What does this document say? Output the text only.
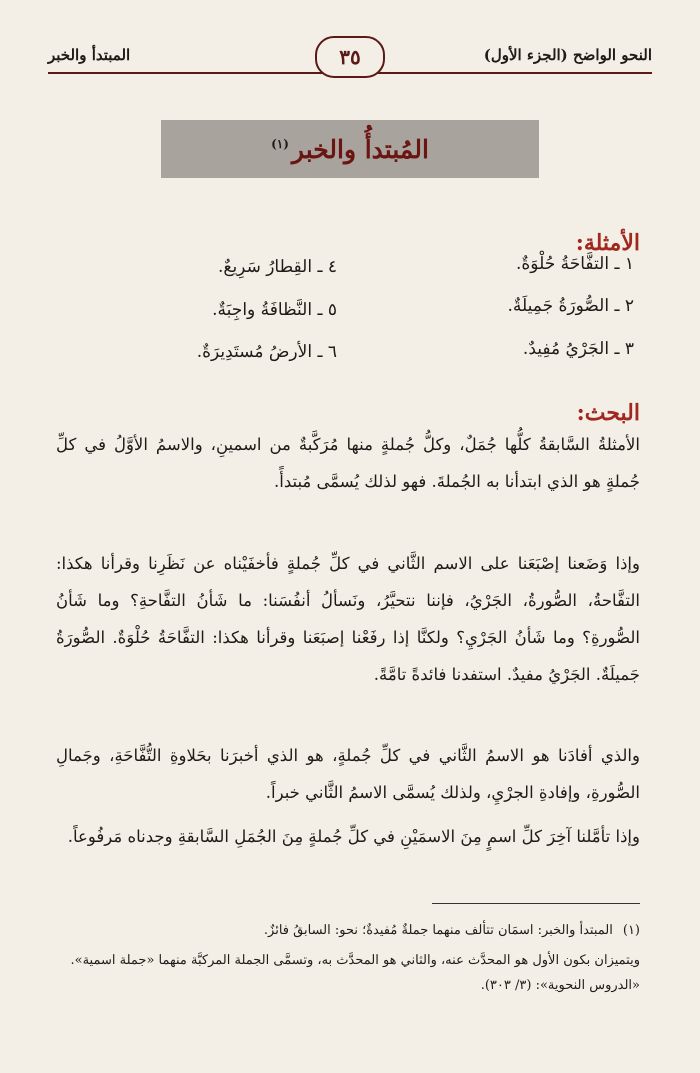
النحو الواضح (الجزء الأول)
٣٥
المبتدأ والخبر
المُبتدأُ والخبر$^{(١)}$
الأمثلة:
١ ـ التفَّاحَةُ حُلْوَةٌ.
٢ ـ الصُّورَةُ جَمِيلَةٌ.
٣ ـ الجَرْيُ مُفِيدٌ.
٤ ـ القِطارُ سَرِيعٌ.
٥ ـ النَّظافَةُ واجِبَةٌ.
٦ ـ الأرضُ مُستَدِيرَةٌ.
البحث:

الأمثلةُ السَّابقةُ كلُّها جُمَلٌ، وكلُّ جُملةٍ منها مُرَكَّبةٌ من اسمينِ، والاسمُ الأوَّلُ في كلِّ جُملةٍ هو الذي ابتدأنا به الجُملةَ. فهو لذلك يُسمَّى مُبتدأً.

وإذا وَضَعنا إصْبَعَنا على الاسم الثَّاني في كلِّ جُملةٍ فأخفَيْناه عن نَظَرِنا وقرأنا هكذا: التفَّاحةُ، الصُّورةُ، الجَرْيُ، فإننا نتحيَّرُ، ونَسألُ أنفُسَنا: ما شَأنُ التفَّاحةِ؟ وما شَأنُ الصُّورةِ؟ وما شَأنُ الجَرْيِ؟ ولكنَّا إذا رفَعْنا إصبَعَنا وقرأنا هكذا: التفَّاحَةُ حُلْوَةٌ. الصُّورَةُ جَميلَةٌ. الجَرْيُ مفيدٌ. استفدنا فائدةً تامَّةً.

والذي أفادَنا هو الاسمُ الثَّاني في كلِّ جُملةٍ، هو الذي أخبرَنا بحَلاوةِ التُّفَّاحَةِ، وجَمالِ الصُّورةِ، وإفادةِ الجرْيِ، ولذلك يُسمَّى الاسمُ الثَّاني خبراً.

وإذا تأمَّلنا آخِرَ كلِّ اسمٍ مِنَ الاسمَيْنِ في كلِّ جُملةٍ مِنَ الجُمَلِ السَّابقةِ وجدناه مَرفُوعاً.

(١)المبتدأ والخبر: اسمَان تتألف منهما جملةٌ مُفيدةٌ؛ نحو: السابقُ فائزٌ.
ويتميزان بكون الأول هو المحدَّث عنه، والثاني هو المحدَّث به، وتسمَّى الجملة المركبَّة منهما «جملة اسمية». «الدروس النحوية»: (٣/ ٣٠٣).
